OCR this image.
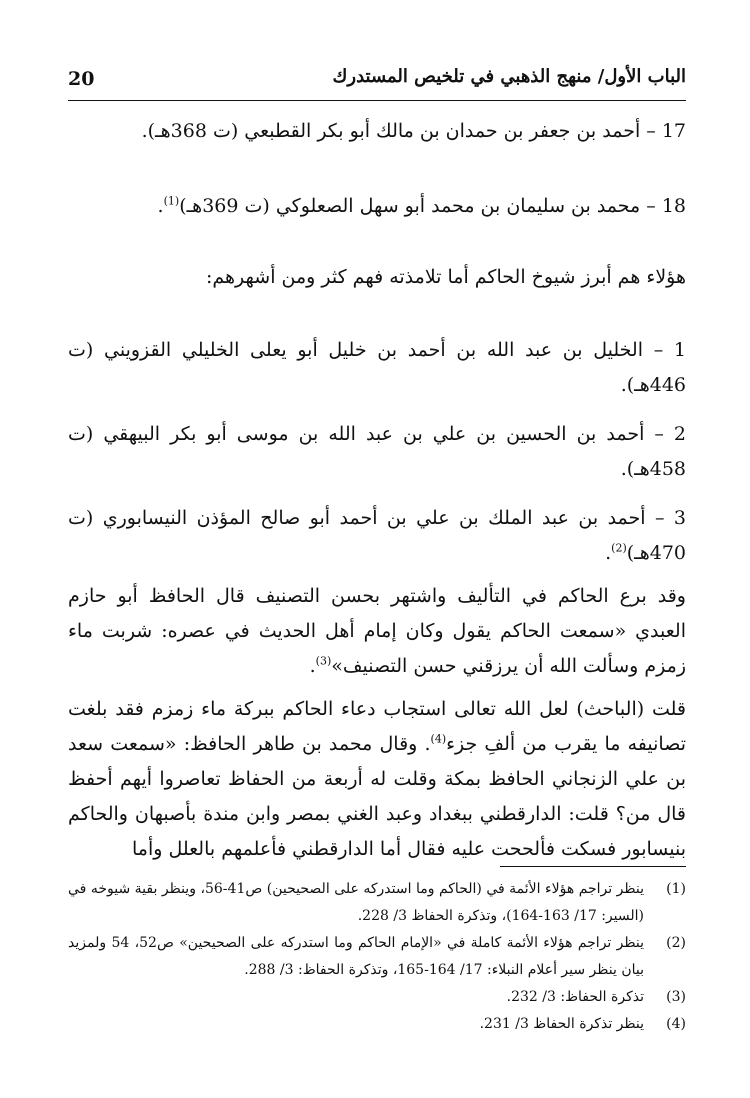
20	الباب الأول/ منهج الذهبي في تلخيص المستدرك

17 – أحمد بن جعفر بن حمدان بن مالك أبو بكر القطبعي (ت 368هـ).

18 – محمد بن سليمان بن محمد أبو سهل الصعلوكي (ت 369هـ)$^{(1)}$.

هؤلاء هم أبرز شيوخ الحاكم أما تلامذته فهم كثر ومن أشهرهم:

1 – الخليل بن عبد الله بن أحمد بن خليل أبو يعلى الخليلي القزويني (ت 446هـ).

2 – أحمد بن الحسين بن علي بن عبد الله بن موسى أبو بكر البيهقي (ت 458هـ).

3 – أحمد بن عبد الملك بن علي بن أحمد أبو صالح المؤذن النيسابوري (ت 470هـ)$^{(2)}$.

وقد برع الحاكم في التأليف واشتهر بحسن التصنيف قال الحافظ أبو حازم العبدي «سمعت الحاكم يقول وكان إمام أهل الحديث في عصره: شربت ماء زمزم وسألت الله أن يرزقني حسن التصنيف»$^{(3)}$.

قلت (الباحث) لعل الله تعالى استجاب دعاء الحاكم ببركة ماء زمزم فقد بلغت تصانيفه ما يقرب من ألفِ جزء$^{(4)}$. وقال محمد بن طاهر الحافظ: «سمعت سعد بن علي الزنجاني الحافظ بمكة وقلت له أربعة من الحفاظ تعاصروا أيهم أحفظ قال من؟ قلت: الدارقطني ببغداد وعبد الغني بمصر وابن مندة بأصبهان والحاكم بنيسابور فسكت فألححت عليه فقال أما الدارقطني فأعلمهم بالعلل وأما

(1)
ينظر تراجم هؤلاء الأئمة في (الحاكم وما استدركه على الصحيحين) ص41-56، وينظر بقية شيوخه في (السير: 17/ 163-164)، وتذكرة الحفاظ 3/ 228.
(2)
ينظر تراجم هؤلاء الأئمة كاملة في «الإمام الحاكم وما استدركه على الصحيحين» ص52، 54 ولمزيد بيان ينظر سير أعلام النبلاء: 17/ 164-165، وتذكرة الحفاظ: 3/ 288.
(3)
تذكرة الحفاظ: 3/ 232.
(4)
ينظر تذكرة الحفاظ 3/ 231.
